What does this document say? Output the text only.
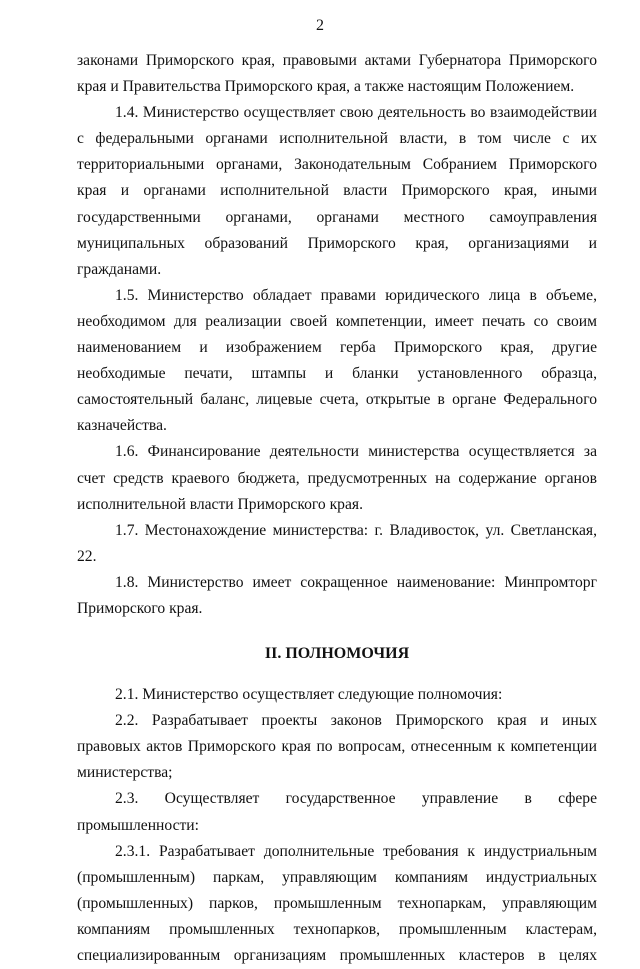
2

законами Приморского края, правовыми актами Губернатора Приморского края и Правительства Приморского края, а также настоящим Положением.

1.4. Министерство осуществляет свою деятельность во взаимодействии с федеральными органами исполнительной власти, в том числе с их территориальными органами, Законодательным Собранием Приморского края и органами исполнительной власти Приморского края, иными государственными органами, органами местного самоуправления муниципальных образований Приморского края, организациями и гражданами.

1.5. Министерство обладает правами юридического лица в объеме, необходимом для реализации своей компетенции, имеет печать со своим наименованием и изображением герба Приморского края, другие необходимые печати, штампы и бланки установленного образца, самостоятельный баланс, лицевые счета, открытые в органе Федерального казначейства.

1.6. Финансирование деятельности министерства осуществляется за счет средств краевого бюджета, предусмотренных на содержание органов исполнительной власти Приморского края.

1.7. Местонахождение министерства: г. Владивосток, ул. Светланская, 22.

1.8. Министерство имеет сокращенное наименование: Минпромторг Приморского края.

II. ПОЛНОМОЧИЯ

2.1. Министерство осуществляет следующие полномочия:

2.2. Разрабатывает проекты законов Приморского края и иных правовых актов Приморского края по вопросам, отнесенным к компетенции министерства;

2.3. Осуществляет государственное управление в сфере промышленности:

2.3.1. Разрабатывает дополнительные требования к индустриальным (промышленным) паркам, управляющим компаниям индустриальных (промышленных) парков, промышленным технопаркам, управляющим компаниям промышленных технопарков, промышленным кластерам, специализированным организациям промышленных кластеров в целях
